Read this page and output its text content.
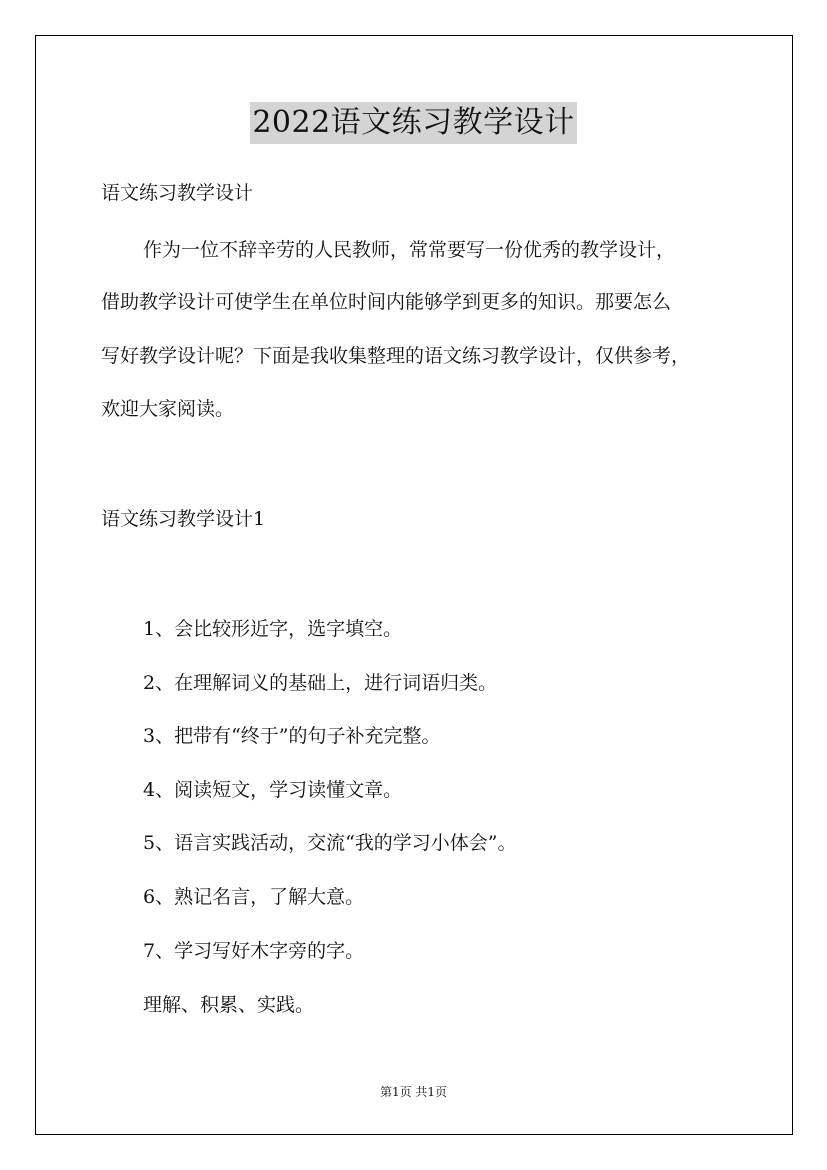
2022语文练习教学设计
语文练习教学设计
作为一位不辞辛劳的人民教师，常常要写一份优秀的教学设计，
借助教学设计可使学生在单位时间内能够学到更多的知识。那要怎么
写好教学设计呢？下面是我收集整理的语文练习教学设计，仅供参考，
欢迎大家阅读。
语文练习教学设计1
1、会比较形近字，选字填空。
2、在理解词义的基础上，进行词语归类。
3、把带有“终于”的句子补充完整。
4、阅读短文，学习读懂文章。
5、语言实践活动，交流“我的学习小体会”。
6、熟记名言，了解大意。
7、学习写好木字旁的字。
理解、积累、实践。
第1页 共1页
